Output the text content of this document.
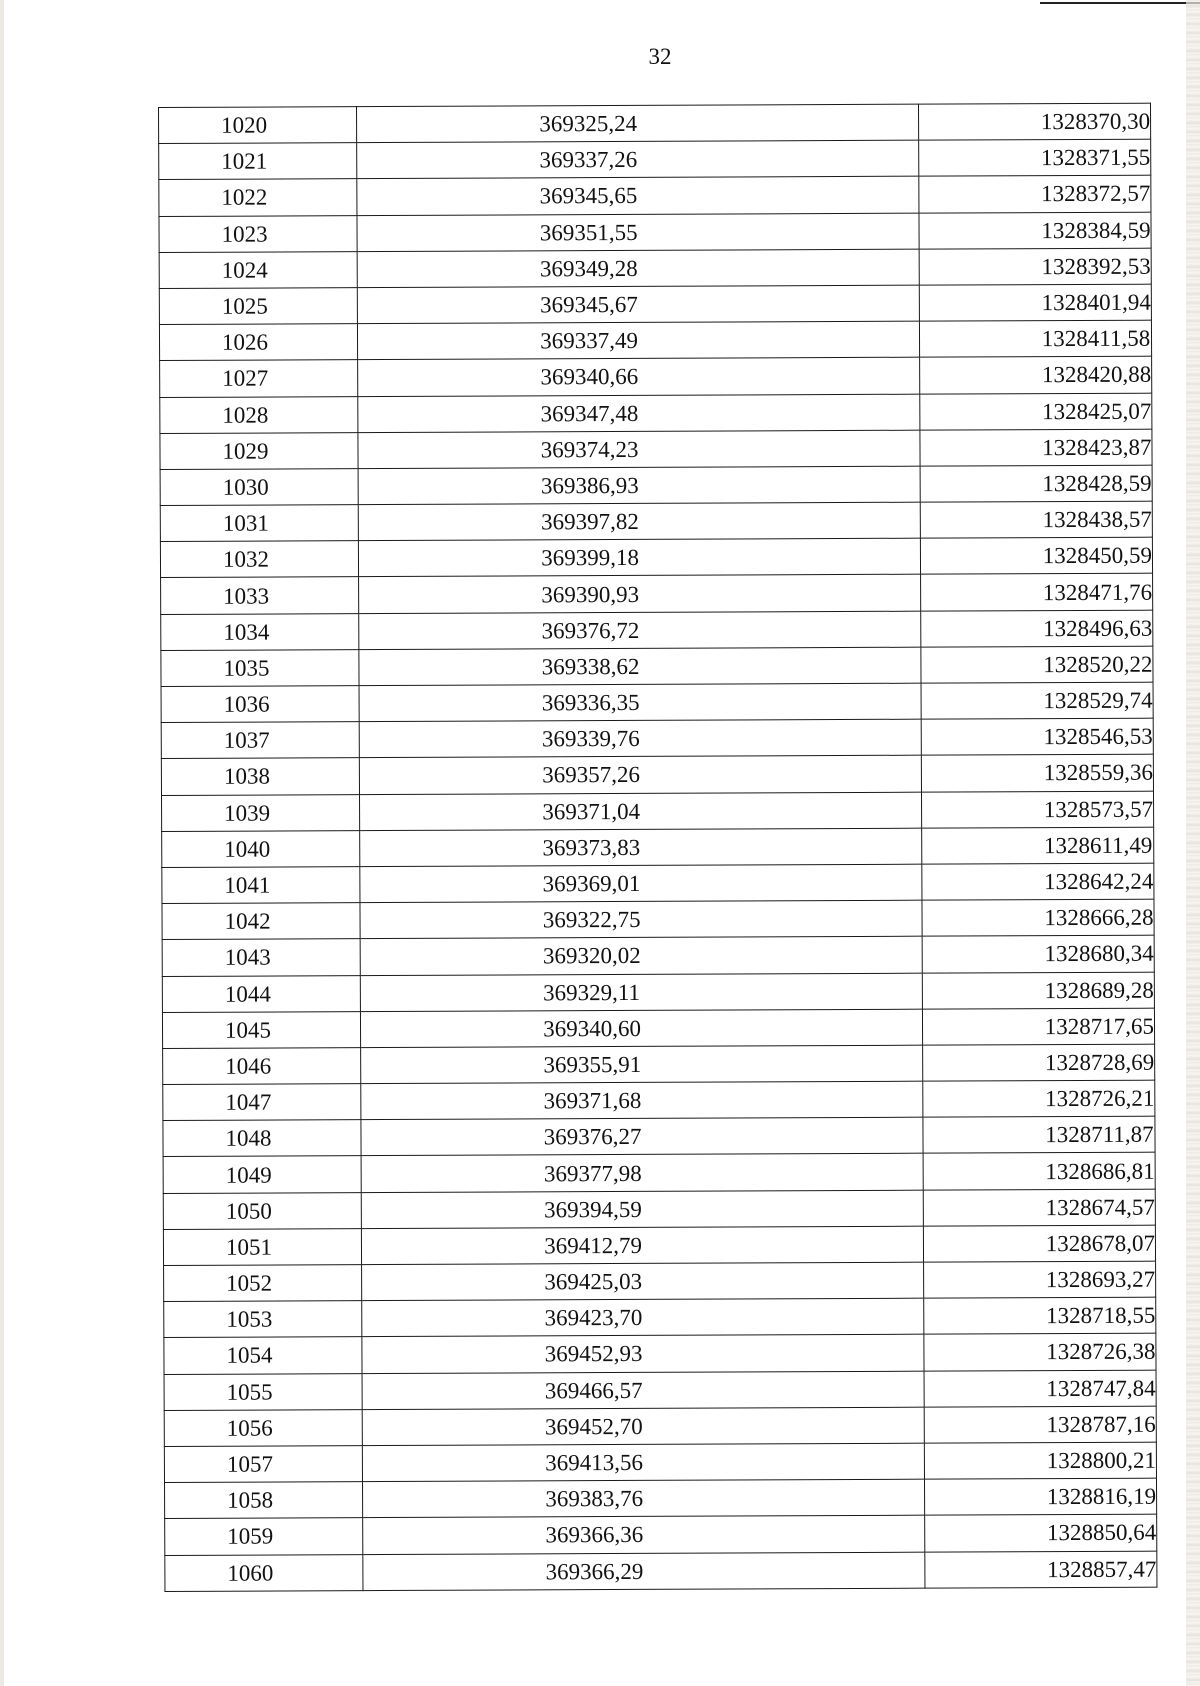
32
1020	369325,24	1328370,30
1021	369337,26	1328371,55
1022	369345,65	1328372,57
1023	369351,55	1328384,59
1024	369349,28	1328392,53
1025	369345,67	1328401,94
1026	369337,49	1328411,58
1027	369340,66	1328420,88
1028	369347,48	1328425,07
1029	369374,23	1328423,87
1030	369386,93	1328428,59
1031	369397,82	1328438,57
1032	369399,18	1328450,59
1033	369390,93	1328471,76
1034	369376,72	1328496,63
1035	369338,62	1328520,22
1036	369336,35	1328529,74
1037	369339,76	1328546,53
1038	369357,26	1328559,36
1039	369371,04	1328573,57
1040	369373,83	1328611,49
1041	369369,01	1328642,24
1042	369322,75	1328666,28
1043	369320,02	1328680,34
1044	369329,11	1328689,28
1045	369340,60	1328717,65
1046	369355,91	1328728,69
1047	369371,68	1328726,21
1048	369376,27	1328711,87
1049	369377,98	1328686,81
1050	369394,59	1328674,57
1051	369412,79	1328678,07
1052	369425,03	1328693,27
1053	369423,70	1328718,55
1054	369452,93	1328726,38
1055	369466,57	1328747,84
1056	369452,70	1328787,16
1057	369413,56	1328800,21
1058	369383,76	1328816,19
1059	369366,36	1328850,64
1060	369366,29	1328857,47
